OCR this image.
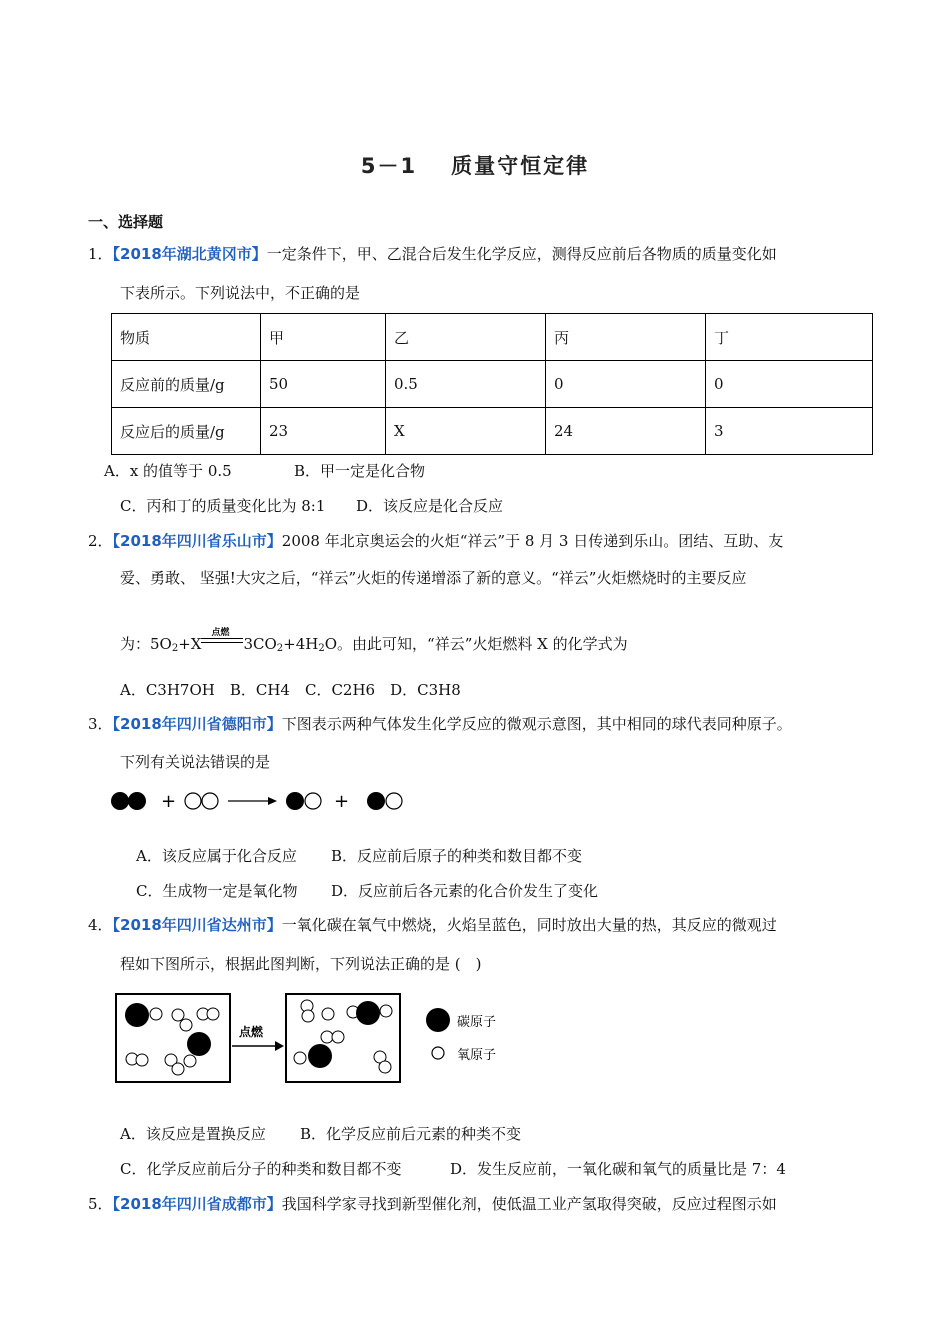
5－1 质量守恒定律
一、选择题
1．【2018年湖北黄冈市】一定条件下，甲、乙混合后发生化学反应，测得反应前后各物质的质量变化如
下表所示。下列说法中，不正确的是
物质	甲	乙	丙	丁
反应前的质量/g	50	0.5	0	0
反应后的质量/g	23	X	24	3
A．x 的值等于 0.5	B．甲一定是化合物
C．丙和丁的质量变化比为 8:1 D．该反应是化合反应
2．【2018年四川省乐山市】2008 年北京奥运会的火炬“祥云”于 8 月 3 日传递到乐山。团结、互助、友
爱、勇敢、 坚强!大灾之后，“祥云”火炬的传递增添了新的意义。“祥云”火炬燃烧时的主要反应
为：$5O_2+X$
点燃
$3CO_2+4H_2O$。由此可知，“祥云”火炬燃料 X 的化学式为
A．C3H7OH　B．CH4　C．C2H6　D．C3H8
3．【2018年四川省德阳市】下图表示两种气体发生化学反应的微观示意图，其中相同的球代表同种原子。
下列有关说法错误的是
+	+
A．该反应属于化合反应 B．反应前后原子的种类和数目都不变
C．生成物一定是氧化物 D．反应前后各元素的化合价发生了变化
4．【2018年四川省达州市】一氧化碳在氧气中燃烧，火焰呈蓝色，同时放出大量的热，其反应的微观过
程如下图所示，根据此图判断，下列说法正确的是 (　)
点燃
碳原子
氧原子
A．该反应是置换反应 B．化学反应前后元素的种类不变
C．化学反应前后分子的种类和数目都不变	D．发生反应前，一氧化碳和氧气的质量比是 7：4
5．【2018年四川省成都市】我国科学家寻找到新型催化剂，使低温工业产氢取得突破，反应过程图示如
